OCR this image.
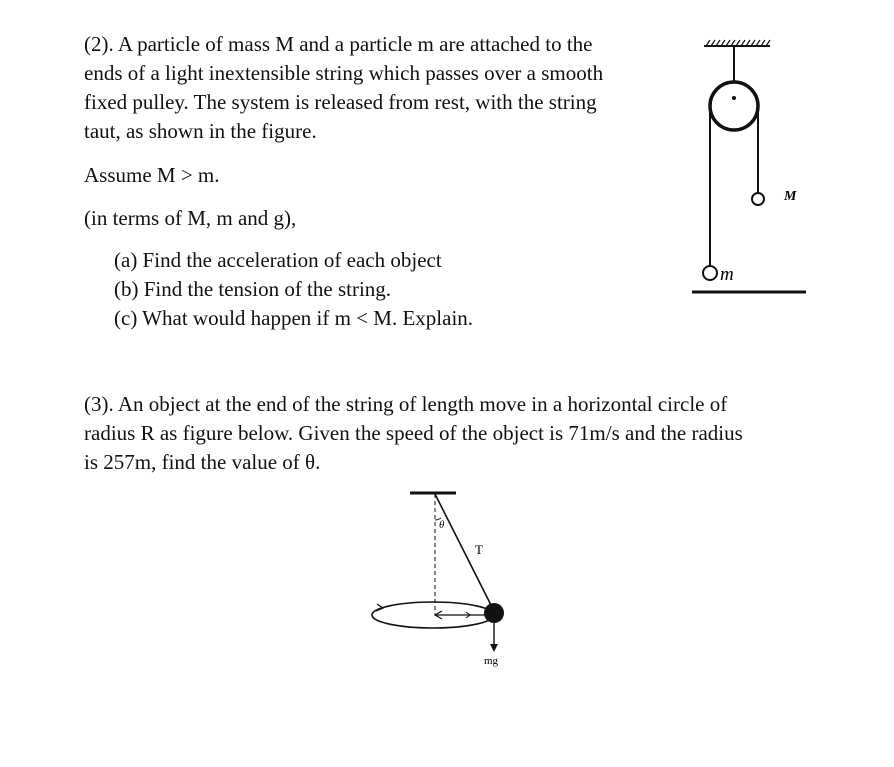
(2). A particle of mass M and a particle m are attached to the
ends of a light inextensible string which passes over a smooth
fixed pulley. The system is released from rest, with the string
taut, as shown in the figure.
Assume M > m.
(in terms of M, m and g),
(a) Find the acceleration of each object
(b) Find the tension of the string.
(c) What would happen if m < M. Explain.
M
m
(3). An object at the end of the string of length move in a horizontal circle of
radius R as figure below. Given the speed of the object is 71m/s and the radius
is 257m, find the value of θ.
θ
T
mg
